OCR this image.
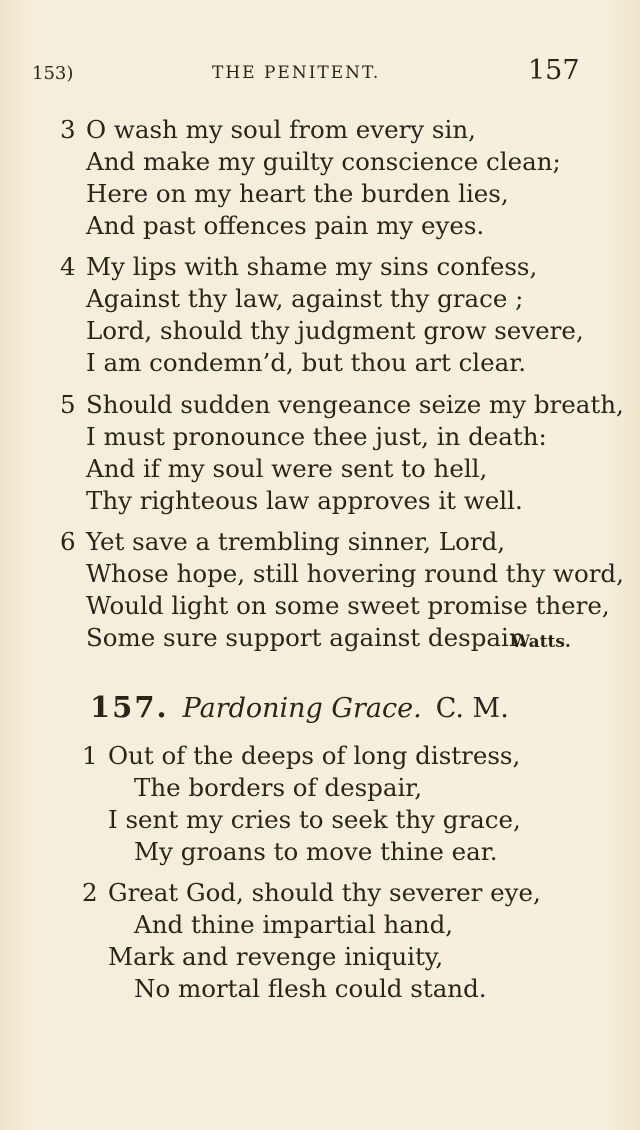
153)	THE PENITENT.	157
3 O wash my soul from every sin,
And make my guilty conscience clean;
Here on my heart the burden lies,
And past offences pain my eyes.
4 My lips with shame my sins confess,
Against thy law, against thy grace ;
Lord, should thy judgment grow severe,
I am condemn’d, but thou art clear.
5 Should sudden vengeance seize my breath,
I must pronounce thee just, in death:
And if my soul were sent to hell,
Thy righteous law approves it well.
6 Yet save a trembling sinner, Lord,
Whose hope, still hovering round thy word,
Would light on some sweet promise there,
Some sure support against despair.
Watts.
157. Pardoning Grace. C. M.
1 Out of the deeps of long distress,
The borders of despair,
I sent my cries to seek thy grace,
My groans to move thine ear.
2 Great God, should thy severer eye,
And thine impartial hand,
Mark and revenge iniquity,
No mortal flesh could stand.
